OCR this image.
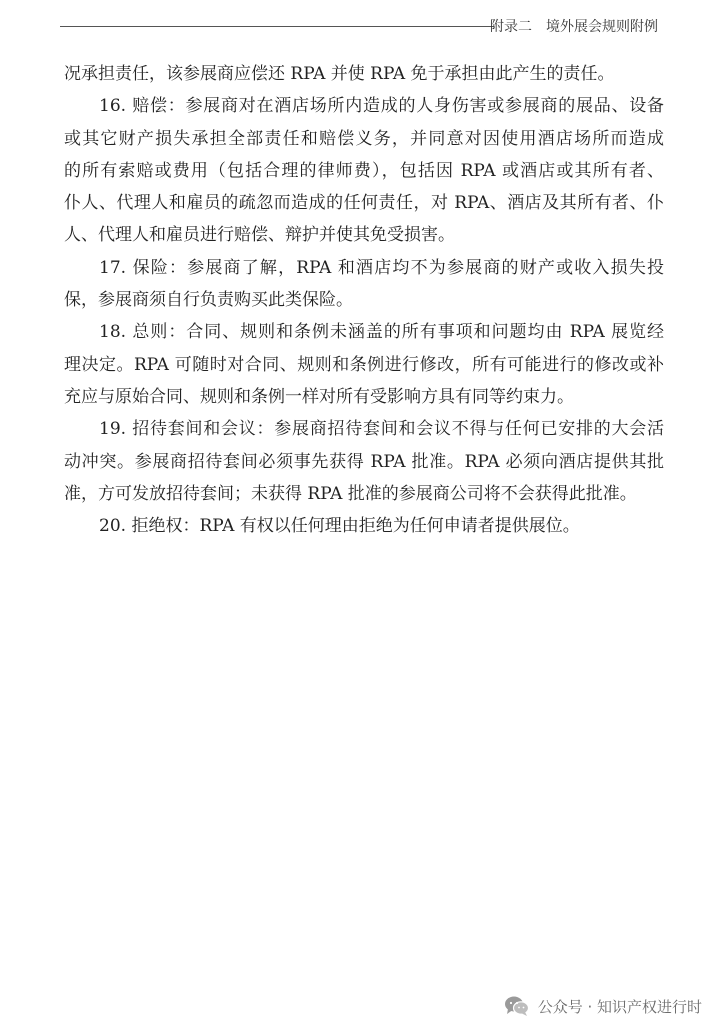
附录二 境外展会规则附例
况承担责任，该参展商应偿还 RPA 并使 RPA 免于承担由此产生的责任。
16. 赔偿：参展商对在酒店场所内造成的人身伤害或参展商的展品、设备
或其它财产损失承担全部责任和赔偿义务，并同意对因使用酒店场所而造成
的所有索赔或费用（包括合理的律师费），包括因 RPA 或酒店或其所有者、
仆人、代理人和雇员的疏忽而造成的任何责任，对 RPA、酒店及其所有者、仆
人、代理人和雇员进行赔偿、辩护并使其免受损害。
17. 保险：参展商了解，RPA 和酒店均不为参展商的财产或收入损失投
保，参展商须自行负责购买此类保险。
18. 总则：合同、规则和条例未涵盖的所有事项和问题均由 RPA 展览经
理决定。RPA 可随时对合同、规则和条例进行修改，所有可能进行的修改或补
充应与原始合同、规则和条例一样对所有受影响方具有同等约束力。
19. 招待套间和会议：参展商招待套间和会议不得与任何已安排的大会活
动冲突。参展商招待套间必须事先获得 RPA 批准。RPA 必须向酒店提供其批
准，方可发放招待套间；未获得 RPA 批准的参展商公司将不会获得此批准。
20. 拒绝权：RPA 有权以任何理由拒绝为任何申请者提供展位。
公众号 · 知识产权进行时
